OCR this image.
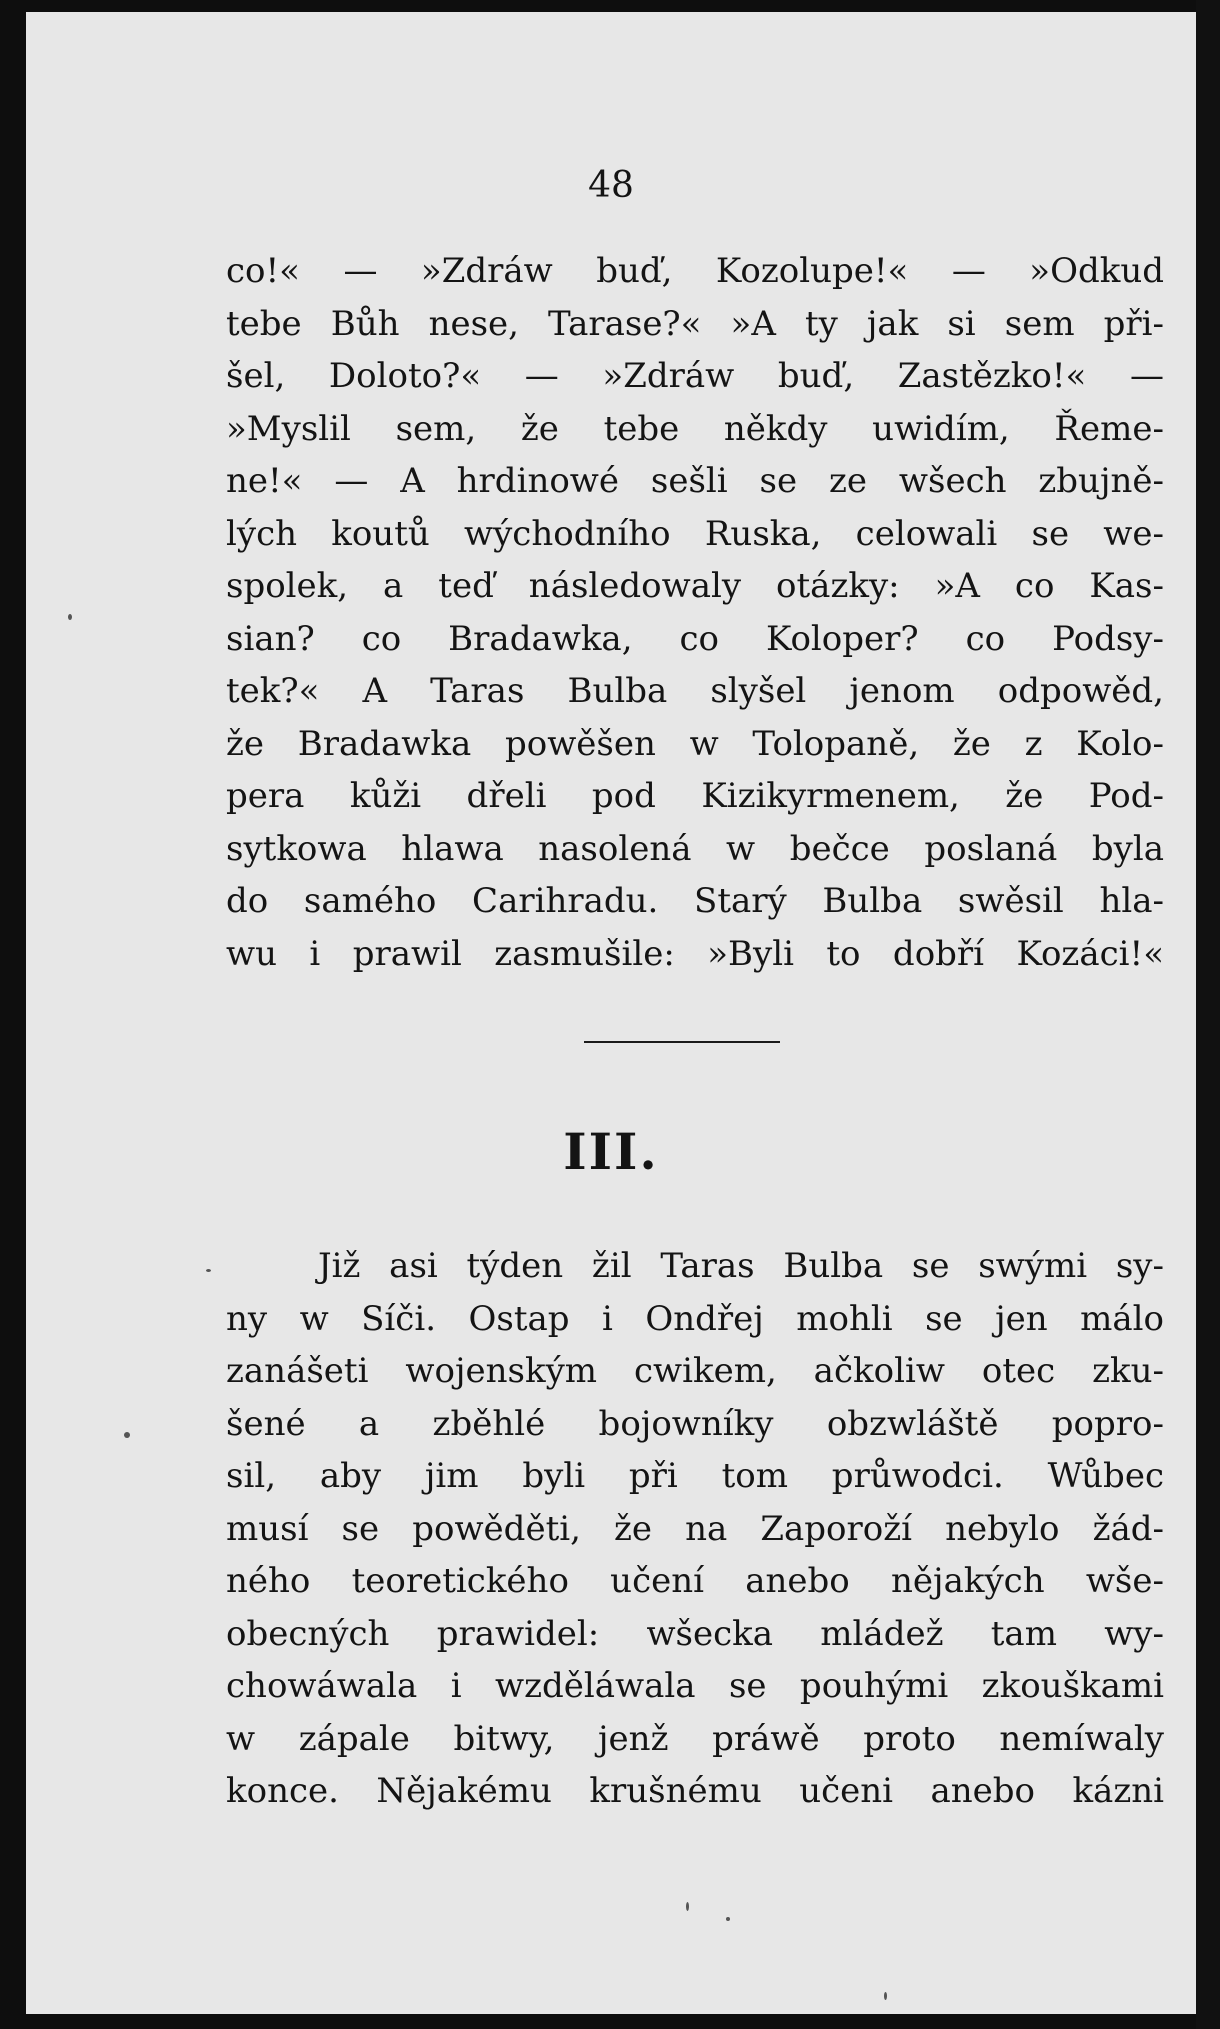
48
co!« — »Zdráw buď, Kozolupe!« — »Odkud
tebe Bůh nese, Tarase?« »A ty jak si sem při-
šel, Doloto?« — »Zdráw buď, Zastězko!« —
»Myslil sem, že tebe někdy uwidím, Řeme-
ne!« — A hrdinowé sešli se ze wšech zbujně-
lých koutů wýchodního Ruska, celowali se we-
spolek, a teď následowaly otázky: »A co Kas-
sian? co Bradawka, co Koloper? co Podsy-
tek?« A Taras Bulba slyšel jenom odpowěd,
že Bradawka powěšen w Tolopaně, že z Kolo-
pera kůži dřeli pod Kizikyrmenem, že Pod-
sytkowa hlawa nasolená w bečce poslaná byla
do samého Carihradu. Starý Bulba swěsil hla-
wu i prawil zasmušile: »Byli to dobří Kozáci!«
III.
Již asi týden žil Taras Bulba se swými sy-
ny w Síči. Ostap i Ondřej mohli se jen málo
zanášeti wojenským cwikem, ačkoliw otec zku-
šené a zběhlé bojowníky obzwláště popro-
sil, aby jim byli při tom průwodci. Wůbec
musí se powěděti, že na Zaporoží nebylo žád-
ného teoretického učení anebo nějakých wše-
obecných prawidel: wšecka mládež tam wy-
chowáwala i wzděláwala se pouhými zkouškami
w zápale bitwy, jenž práwě proto nemíwaly
konce. Nějakému krušnému učeni anebo kázni
